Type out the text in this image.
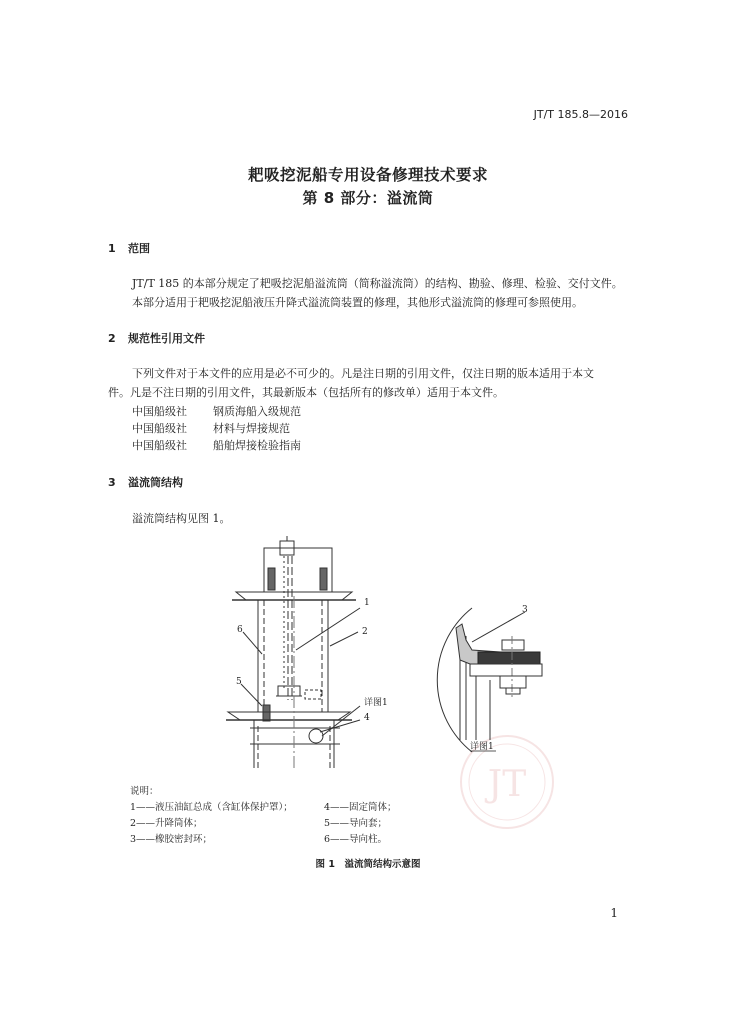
JT/T 185.8—2016
耙吸挖泥船专用设备修理技术要求
第 8 部分：溢流筒
1 范围
JT/T 185 的本部分规定了耙吸挖泥船溢流筒（简称溢流筒）的结构、勘验、修理、检验、交付文件。
本部分适用于耙吸挖泥船液压升降式溢流筒装置的修理，其他形式溢流筒的修理可参照使用。
2 规范性引用文件
下列文件对于本文件的应用是必不可少的。凡是注日期的引用文件，仅注日期的版本适用于本文
件。凡是不注日期的引用文件，其最新版本（包括所有的修改单）适用于本文件。
中国船级社 钢质海船入级规范
中国船级社 材料与焊接规范
中国船级社 船舶焊接检验指南
3 溢流筒结构
溢流筒结构见图 1。
JT
1
2
6
5
4
详图1
3
详图1
说明：
1——液压油缸总成（含缸体保护罩）；	4——固定筒体；
2——升降筒体；	5——导向套；
3——橡胶密封环；	6——导向柱。
图 1　溢流筒结构示意图
1
